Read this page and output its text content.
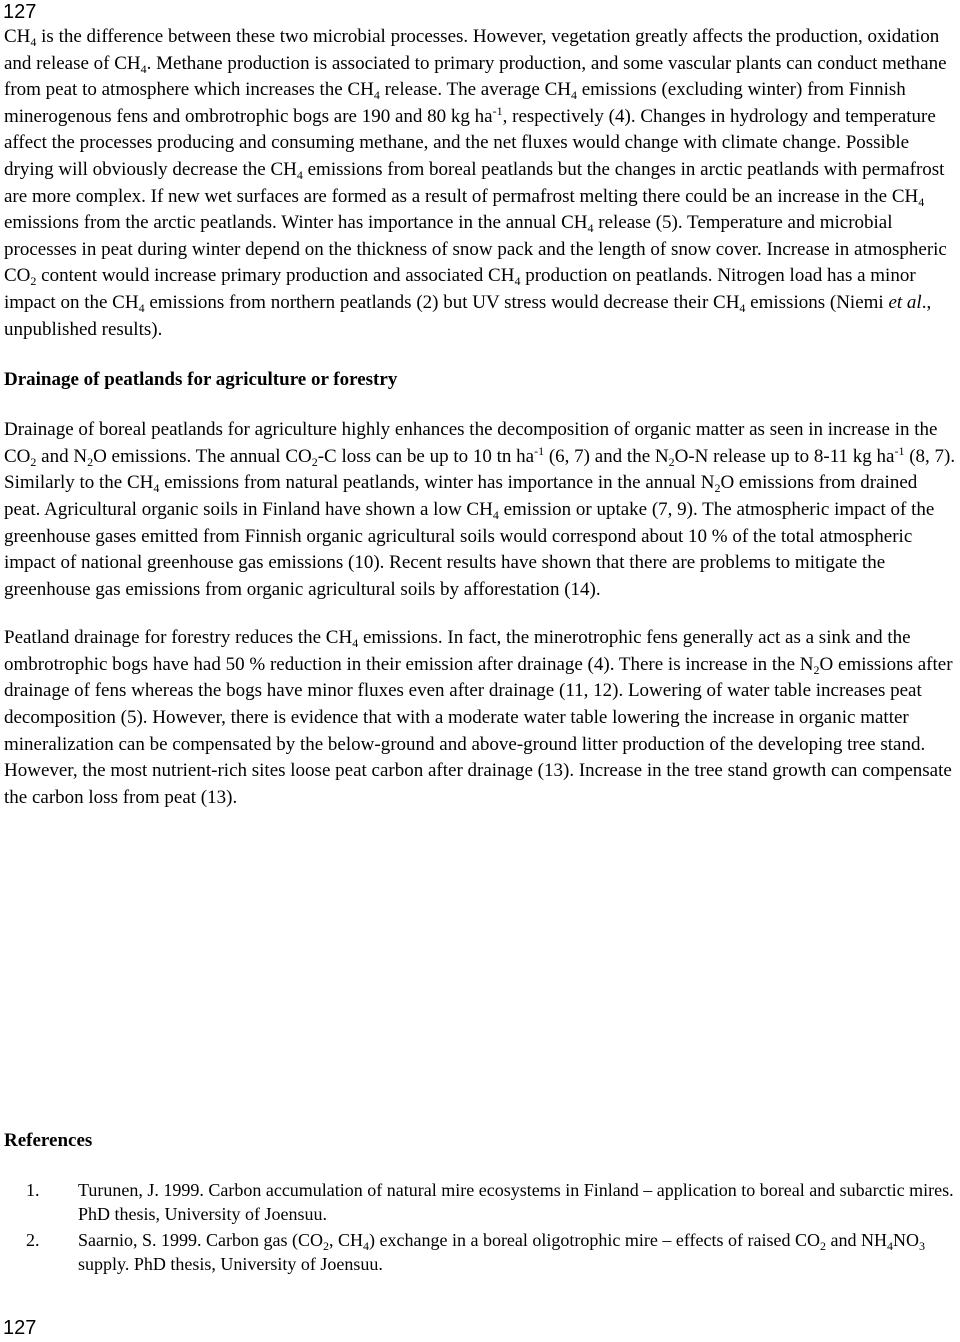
127

$CH_4$ is the difference between these two microbial processes. However, vegetation greatly affects the production, oxidation and release of $CH_4$. Methane production is associated to primary production, and some vascular plants can conduct methane from peat to atmosphere which increases the $CH_4$ release. The average $CH_4$ emissions (excluding winter) from Finnish minerogenous fens and ombrotrophic bogs are 190 and 80 kg $ha^{-1}$, respectively (4). Changes in hydrology and temperature affect the processes producing and consuming methane, and the net fluxes would change with climate change. Possible drying will obviously decrease the $CH_4$ emissions from boreal peatlands but the changes in arctic peatlands with permafrost are more complex. If new wet surfaces are formed as a result of permafrost melting there could be an increase in the $CH_4$ emissions from the arctic peatlands. Winter has importance in the annual $CH_4$ release (5). Temperature and microbial processes in peat during winter depend on the thickness of snow pack and the length of snow cover. Increase in atmospheric $CO_2$ content would increase primary production and associated $CH_4$ production on peatlands. Nitrogen load has a minor impact on the $CH_4$ emissions from northern peatlands (2) but UV stress would decrease their $CH_4$ emissions (Niemi et al., unpublished results).

Drainage of peatlands for agriculture or forestry

Drainage of boreal peatlands for agriculture highly enhances the decomposition of organic matter as seen in increase in the $CO_2$ and $N_2O$ emissions. The annual $CO_2-C$ loss can be up to 10 tn $ha^{-1}$ (6, 7) and the $N_2O-N$ release up to 8-11 kg $ha^{-1}$ (8, 7). Similarly to the $CH_4$ emissions from natural peatlands, winter has importance in the annual $N_2O$ emissions from drained peat. Agricultural organic soils in Finland have shown a low $CH_4$ emission or uptake (7, 9). The atmospheric impact of the greenhouse gases emitted from Finnish organic agricultural soils would correspond about 10 % of the total atmospheric impact of national greenhouse gas emissions (10). Recent results have shown that there are problems to mitigate the greenhouse gas emissions from organic agricultural soils by afforestation (14).

Peatland drainage for forestry reduces the $CH_4$ emissions. In fact, the minerotrophic fens generally act as a sink and the ombrotrophic bogs have had 50 % reduction in their emission after drainage (4). There is increase in the $N_2O$ emissions after drainage of fens whereas the bogs have minor fluxes even after drainage (11, 12). Lowering of water table increases peat decomposition (5). However, there is evidence that with a moderate water table lowering the increase in organic matter mineralization can be compensated by the below-ground and above-ground litter production of the developing tree stand. However, the most nutrient-rich sites loose peat carbon after drainage (13). Increase in the tree stand growth can compensate the carbon loss from peat (13).

References
1. Turunen, J. 1999. Carbon accumulation of natural mire ecosystems in Finland – application to boreal and subarctic mires. PhD thesis, University of Joensuu.
2. Saarnio, S. 1999. Carbon gas ($CO_2$, $CH_4$) exchange in a boreal oligotrophic mire – effects of raised $CO_2$ and $NH_4NO_3$ supply. PhD thesis, University of Joensuu.
127
